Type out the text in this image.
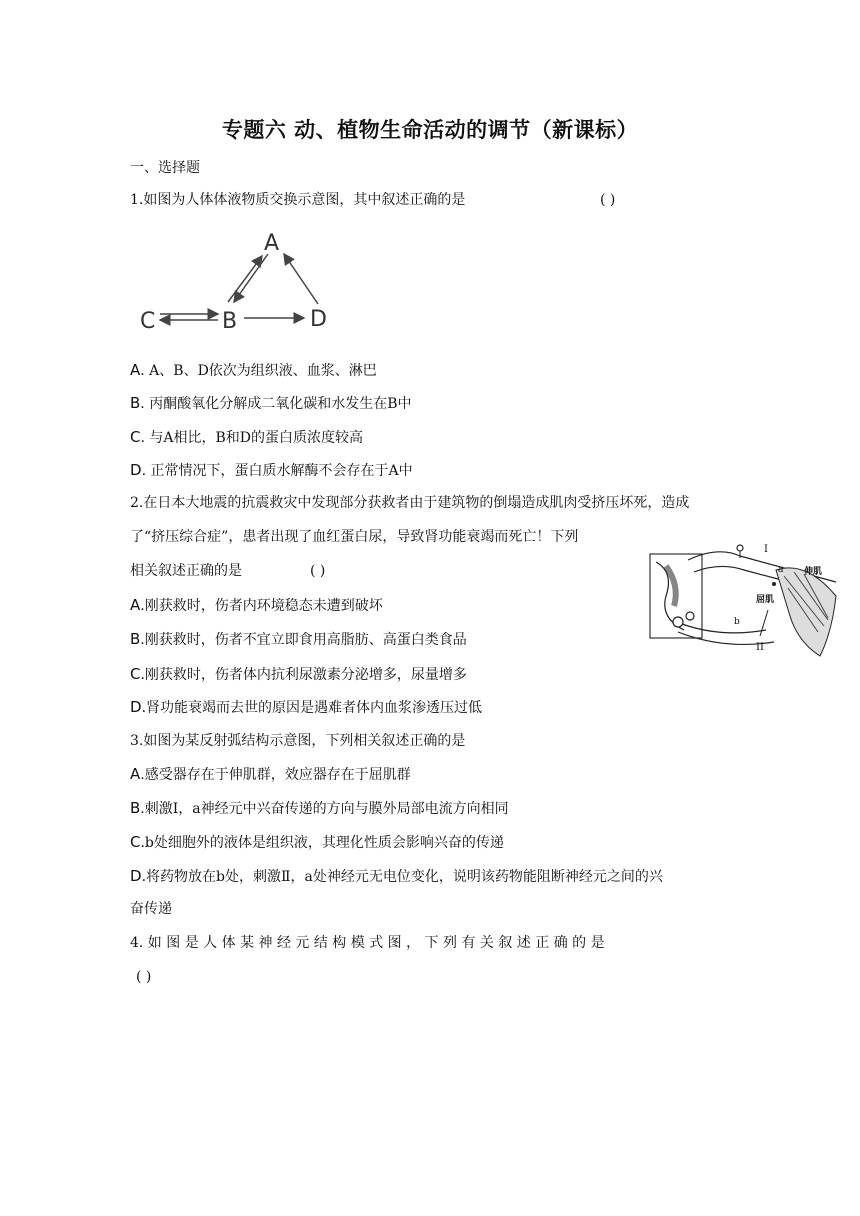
专题六 动、植物生命活动的调节（新课标）
一、选择题
1.如图为人体体液物质交换示意图，其中叙述正确的是	( )
A
B
C	D
A. A、B、D依次为组织液、血浆、淋巴
B. 丙酮酸氧化分解成二氧化碳和水发生在B中
C. 与A相比，B和D的蛋白质浓度较高
D. 正常情况下，蛋白质水解酶不会存在于A中
2.在日本大地震的抗震救灾中发现部分获救者由于建筑物的倒塌造成肌肉受挤压坏死，造成
了“挤压综合症”，患者出现了血红蛋白尿，导致肾功能衰竭而死亡！下列
相关叙述正确的是	( )
A.刚获救时，伤者内环境稳态未遭到破坏
B.刚获救时，伤者不宜立即食用高脂肪、高蛋白类食品
C.刚获救时，伤者体内抗利尿激素分泌增多，尿量增多
D.肾功能衰竭而去世的原因是遇难者体内血浆渗透压过低
I
a 伸肌
屈肌
b
II
3.如图为某反射弧结构示意图，下列相关叙述正确的是
A.感受器存在于伸肌群，效应器存在于屈肌群
B.刺激Ⅰ，a神经元中兴奋传递的方向与膜外局部电流方向相同
C.b处细胞外的液体是组织液，其理化性质会影响兴奋的传递
D.将药物放在b处，刺激Ⅱ，a处神经元无电位变化，说明该药物能阻断神经元之间的兴
奋传递
4. 如 图 是 人 体 某 神 经 元 结 构 模 式 图 ， 下 列 有 关 叙 述 正 确 的 是
( )
